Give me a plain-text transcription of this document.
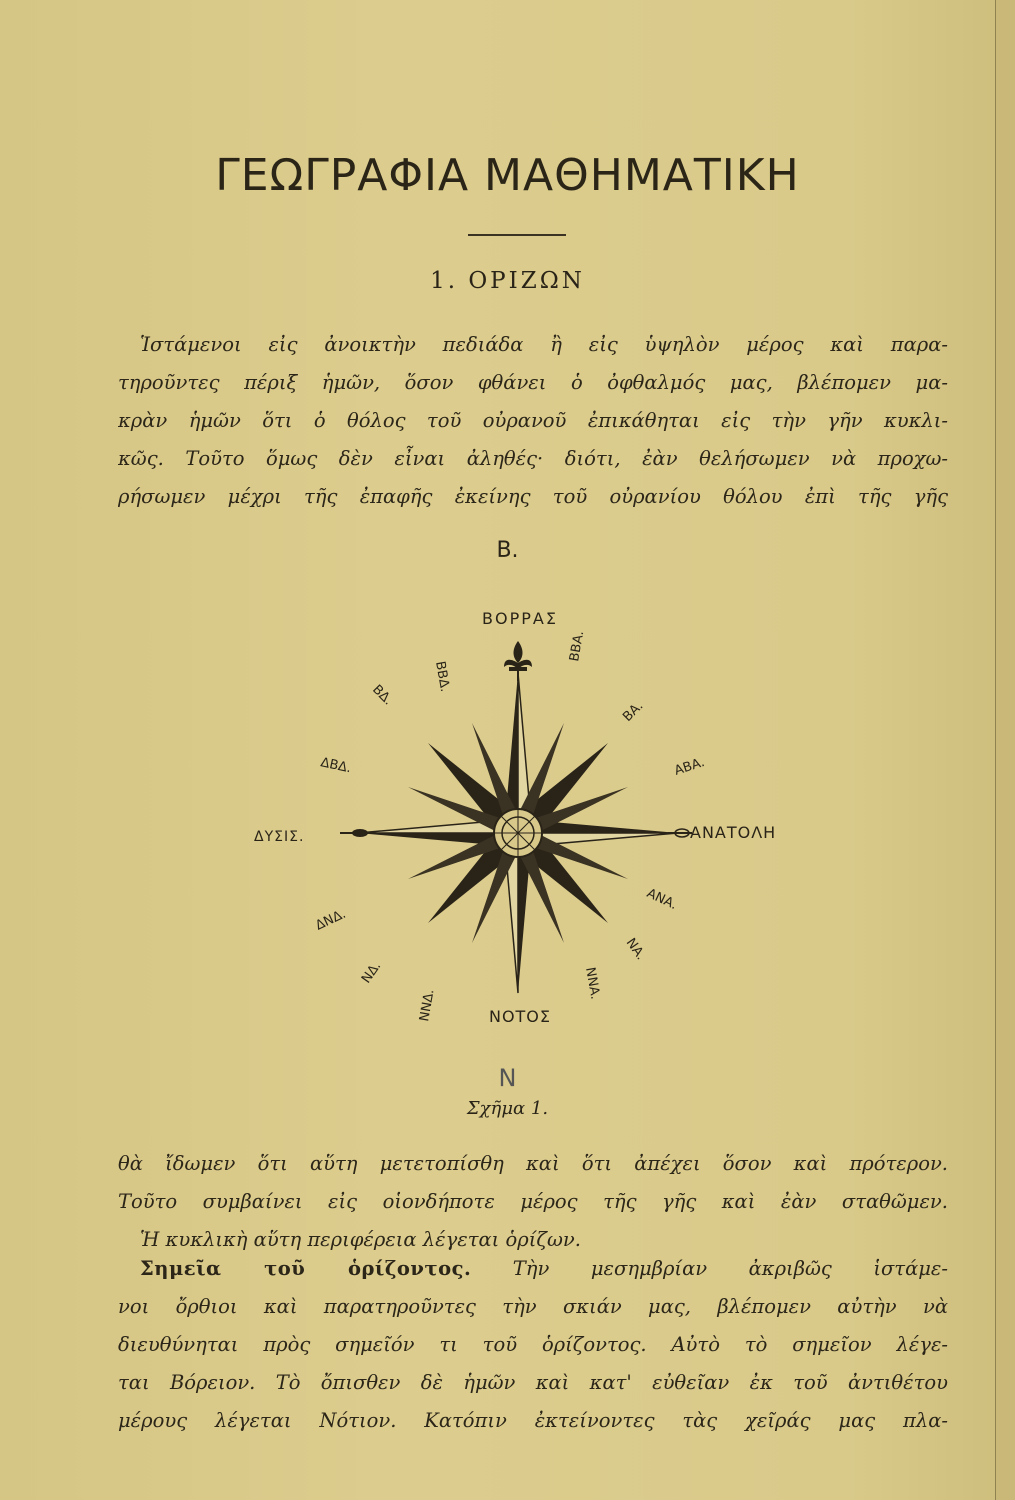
ΓΕΩΓΡΑΦΙΑ ΜΑΘΗΜΑΤΙΚΗ
1. ΟΡΙΖΩΝ
Ἱστάμενοι εἰς ἀνοικτὴν πεδιάδα ἢ εἰς ὑψηλὸν μέρος καὶ παρα-
τηροῦντες πέριξ ἡμῶν, ὅσον φθάνει ὁ ὀφθαλμός μας, βλέπομεν μα-
κρὰν ἡμῶν ὅτι ὁ θόλος τοῦ οὐρανοῦ ἐπικάθηται εἰς τὴν γῆν κυκλι-
κῶς. Τοῦτο ὅμως δὲν εἶναι ἀληθές· διότι, ἐὰν θελήσωμεν νὰ προχω-
ρήσωμεν μέχρι τῆς ἐπαφῆς ἐκείνης τοῦ οὐρανίου θόλου ἐπὶ τῆς γῆς
Β.
ΒΟΡΡΑΣ
ΝΟΤΟΣ
ΑΝΑΤΟΛΗ
ΔΥΣΙΣ.
ΒΒΔ.
ΒΔ.
ΔΒΔ.
ΒΒΑ.
ΒΑ.
ΑΒΑ.
ΔΝΔ.
ΝΔ.
ΝΝΔ.
ΑΝΑ.
ΝΑ.
ΝΝΑ.
Ν
Σχῆμα 1.
θὰ ἴδωμεν ὅτι αὕτη μετετοπίσθη καὶ ὅτι ἀπέχει ὅσον καὶ πρότερον.
Τοῦτο συμβαίνει εἰς οἱονδήποτε μέρος τῆς γῆς καὶ ἐὰν σταθῶμεν.
Ἡ κυκλικὴ αὕτη περιφέρεια λέγεται ὁρίζων.
Σημεῖα τοῦ ὁρίζοντος. Τὴν μεσημβρίαν ἀκριβῶς ἱστάμε-
νοι ὄρθιοι καὶ παρατηροῦντες τὴν σκιάν μας, βλέπομεν αὐτὴν νὰ
διευθύνηται πρὸς σημεῖόν τι τοῦ ὁρίζοντος. Αὐτὸ τὸ σημεῖον λέγε-
ται Βόρειον. Τὸ ὄπισθεν δὲ ἡμῶν καὶ κατ' εὐθεῖαν ἐκ τοῦ ἀντιθέτου
μέρους λέγεται Νότιον. Κατόπιν ἐκτείνοντες τὰς χεῖράς μας πλα-
